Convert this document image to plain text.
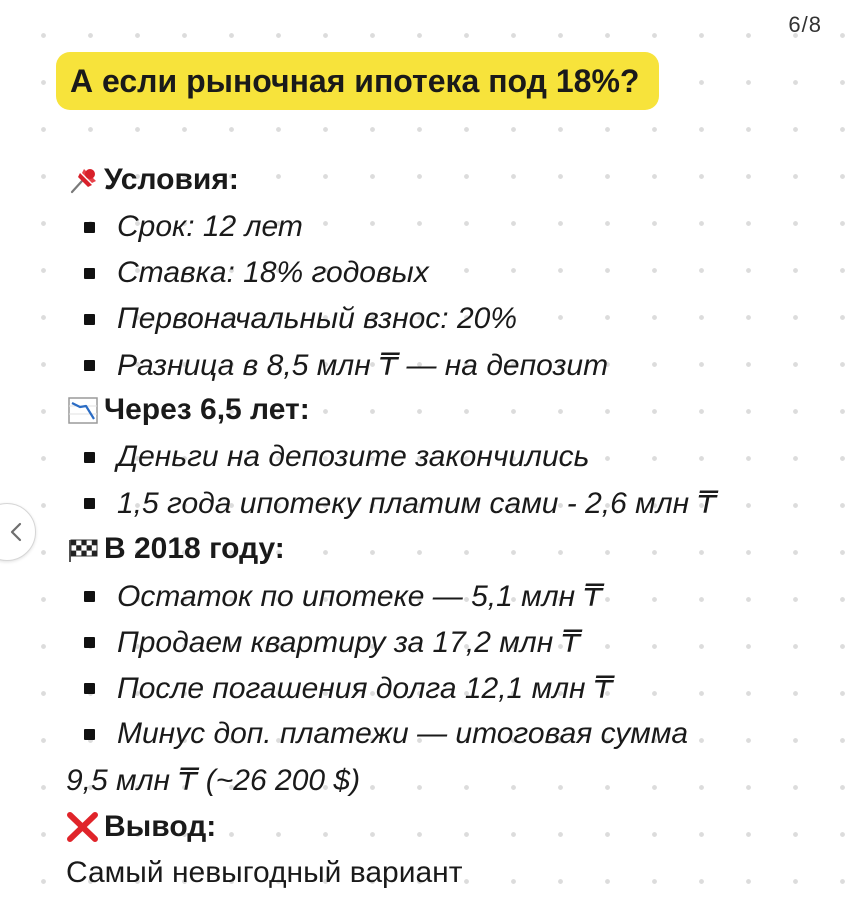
6/8
А если рыночная ипотека под 18%?
Условия:
Срок: 12 лет
Ставка: 18% годовых
Первоначальный взнос: 20%
Разница в 8,5 млн ₸ — на депозит
Через 6,5 лет:
Деньги на депозите закончились
1,5 года ипотеку платим сами - 2,6 млн ₸
В 2018 году:
Остаток по ипотеке — 5,1 млн ₸
Продаем квартиру за 17,2 млн ₸
После погашения долга 12,1 млн ₸
Минус доп. платежи — итоговая сумма
9,5 млн ₸ (~26 200 $)
Вывод:
Самый невыгодный вариант
